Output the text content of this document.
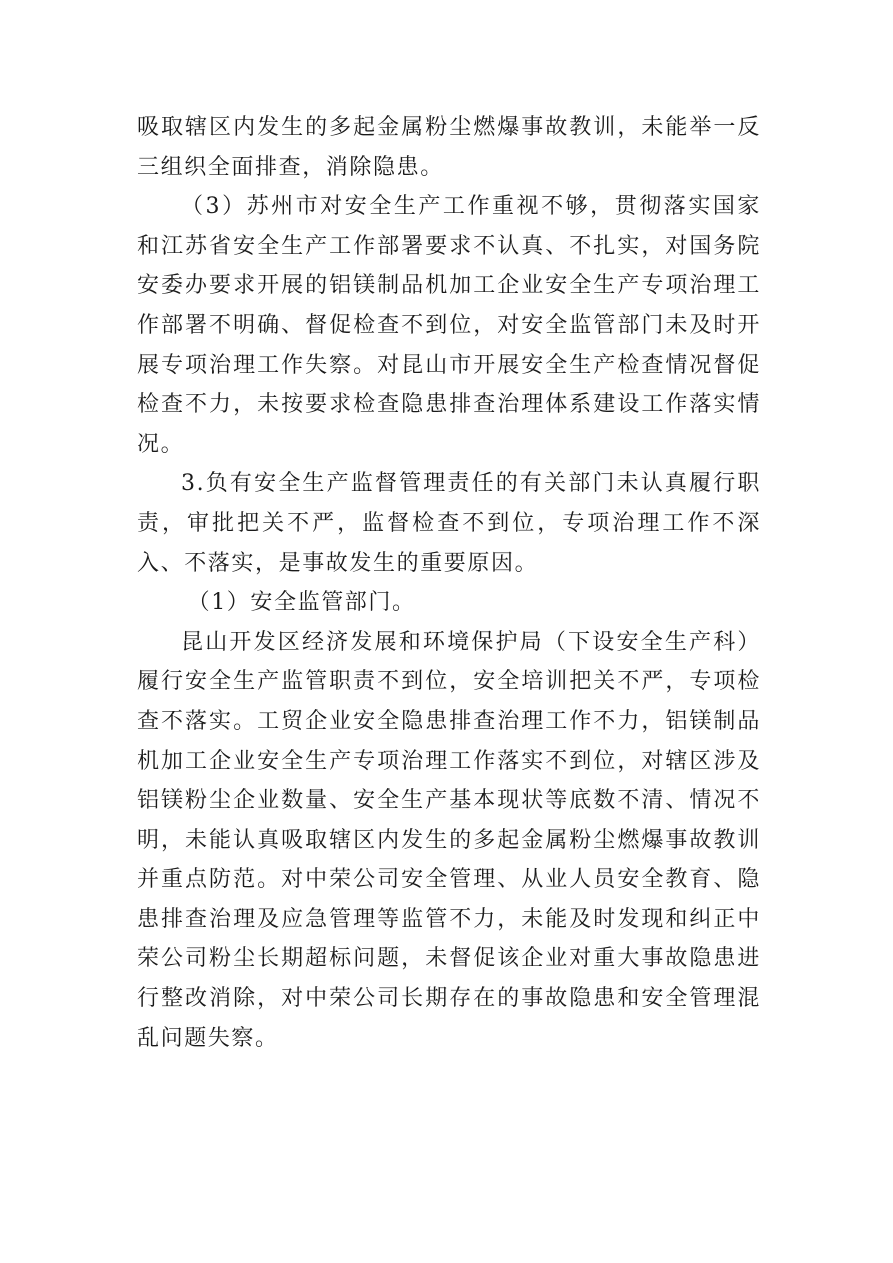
吸取辖区内发生的多起金属粉尘燃爆事故教训，未能举一反三组织全面排查，消除隐患。

（3）苏州市对安全生产工作重视不够，贯彻落实国家和江苏省安全生产工作部署要求不认真、不扎实，对国务院安委办要求开展的铝镁制品机加工企业安全生产专项治理工作部署不明确、督促检查不到位，对安全监管部门未及时开展专项治理工作失察。对昆山市开展安全生产检查情况督促检查不力，未按要求检查隐患排查治理体系建设工作落实情况。

3.负有安全生产监督管理责任的有关部门未认真履行职责，审批把关不严，监督检查不到位，专项治理工作不深入、不落实，是事故发生的重要原因。

（1）安全监管部门。

昆山开发区经济发展和环境保护局（下设安全生产科）履行安全生产监管职责不到位，安全培训把关不严，专项检查不落实。工贸企业安全隐患排查治理工作不力，铝镁制品机加工企业安全生产专项治理工作落实不到位，对辖区涉及铝镁粉尘企业数量、安全生产基本现状等底数不清、情况不明，未能认真吸取辖区内发生的多起金属粉尘燃爆事故教训并重点防范。对中荣公司安全管理、从业人员安全教育、隐患排查治理及应急管理等监管不力，未能及时发现和纠正中荣公司粉尘长期超标问题，未督促该企业对重大事故隐患进行整改消除，对中荣公司长期存在的事故隐患和安全管理混乱问题失察。
